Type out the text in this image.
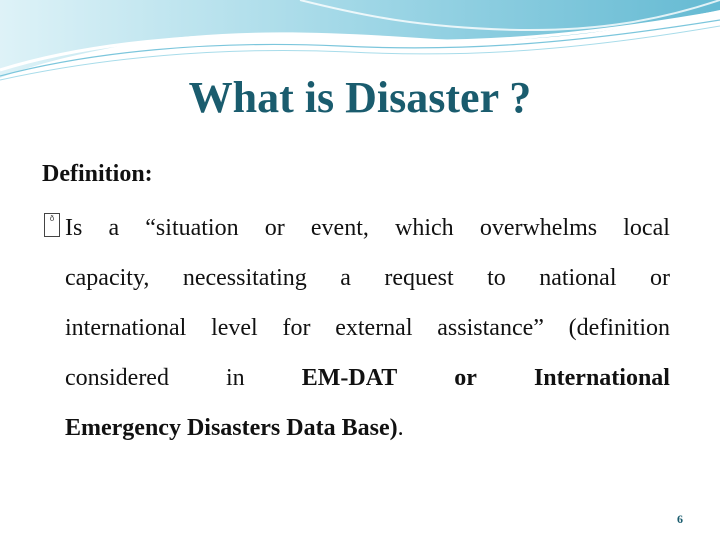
What is Disaster ?
Definition:
ð Is a “situation or event, which overwhelms local
capacity, necessitating a request to national or
international level for external assistance” (definition
considered in EM-DAT or International
Emergency Disasters Data Base).
6
